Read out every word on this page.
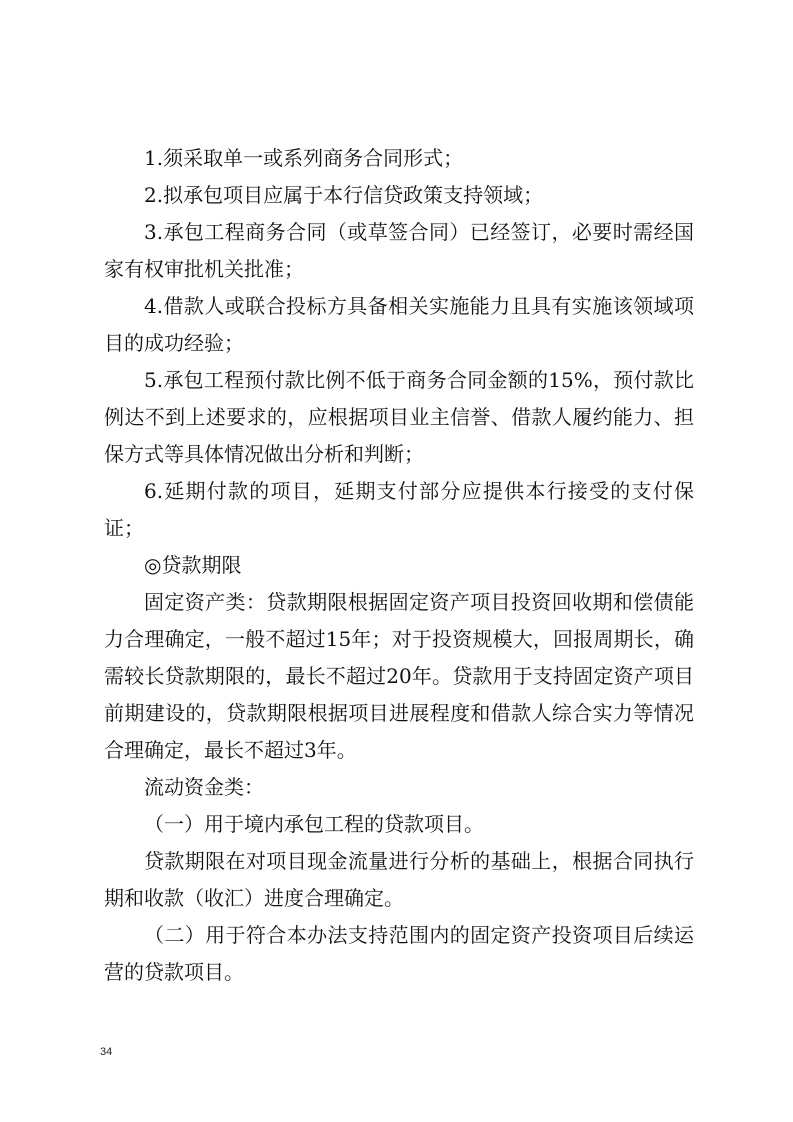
1.须采取单一或系列商务合同形式；

2.拟承包项目应属于本行信贷政策支持领域；

3.承包工程商务合同（或草签合同）已经签订，必要时需经国家有权审批机关批准；

4.借款人或联合投标方具备相关实施能力且具有实施该领域项目的成功经验；

5.承包工程预付款比例不低于商务合同金额的15%，预付款比例达不到上述要求的，应根据项目业主信誉、借款人履约能力、担保方式等具体情况做出分析和判断；

6.延期付款的项目，延期支付部分应提供本行接受的支付保证；

◎贷款期限

固定资产类：贷款期限根据固定资产项目投资回收期和偿债能力合理确定，一般不超过15年；对于投资规模大，回报周期长，确需较长贷款期限的，最长不超过20年。贷款用于支持固定资产项目前期建设的，贷款期限根据项目进展程度和借款人综合实力等情况合理确定，最长不超过3年。

流动资金类：

（一）用于境内承包工程的贷款项目。

贷款期限在对项目现金流量进行分析的基础上，根据合同执行期和收款（收汇）进度合理确定。

（二）用于符合本办法支持范围内的固定资产投资项目后续运营的贷款项目。

34
